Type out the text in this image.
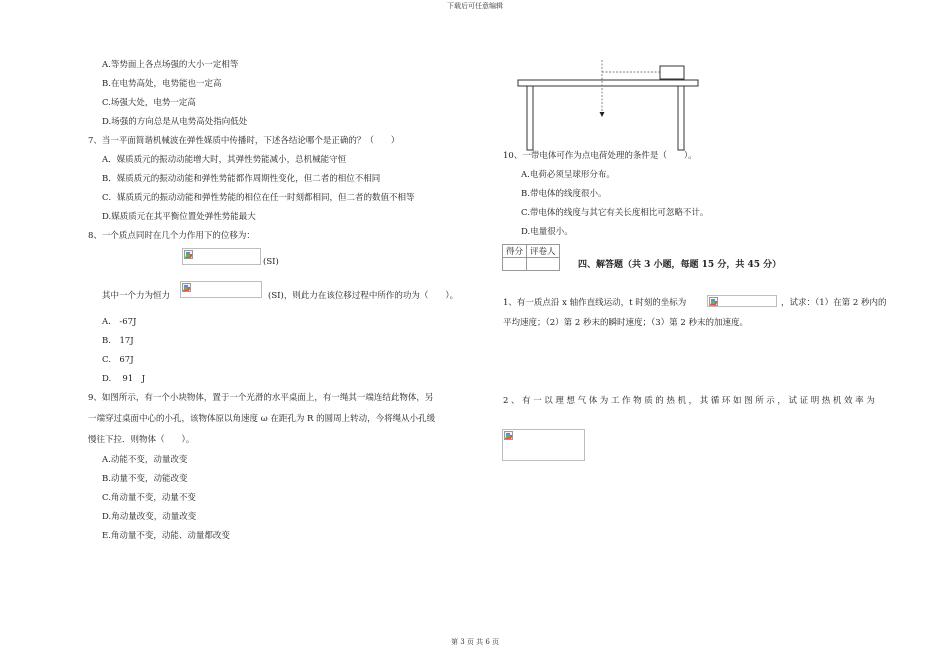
下载后可任意编辑
A.等势面上各点场强的大小一定相等
B.在电势高处，电势能也一定高
C.场强大处，电势一定高
D.场强的方向总是从电势高处指向低处
7、当一平面简谐机械波在弹性媒质中传播时，下述各结论哪个是正确的？（　　）
A．媒质质元的振动动能增大时，其弹性势能减小，总机械能守恒
B．媒质质元的振动动能和弹性势能都作周期性变化，但二者的相位不相同
C．媒质质元的振动动能和弹性势能的相位在任一时刻都相同，但二者的数值不相等
D.媒质质元在其平衡位置处弹性势能最大
8、一个质点同时在几个力作用下的位移为：
(SI)
其中一个力为恒力	(SI)，则此力在该位移过程中所作的功为（　　）。
A.　-67J
B.　17J
C.　67J
D.　 91　J
9、如图所示，有一个小块物体，置于一个光滑的水平桌面上，有一绳其一端连结此物体，另
一端穿过桌面中心的小孔，该物体原以角速度 ω 在距孔为 R 的圆周上转动，今将绳从小孔缓
慢往下拉．则物体（　　）。
A.动能不变，动量改变
B.动量不变，动能改变
C.角动量不变，动量不变
D.角动量改变，动量改变
E.角动量不变，动能、动量都改变
10、一带电体可作为点电荷处理的条件是（　　）。
A.电荷必须呈球形分布。
B.带电体的线度很小。
C.带电体的线度与其它有关长度相比可忽略不计。
D.电量很小。
得分	评卷人

四、解答题（共 3 小题，每题 15 分，共 45 分）
1、有一质点沿 x 轴作直线运动，t 时刻的坐标为	，试求：（1）在第 2 秒内的
平均速度；（2）第 2 秒末的瞬时速度；（3）第 2 秒末的加速度。
2、有一以理想气体为工作物质的热机，其循环如图所示，试证明热机效率为
第 3 页 共 6 页
